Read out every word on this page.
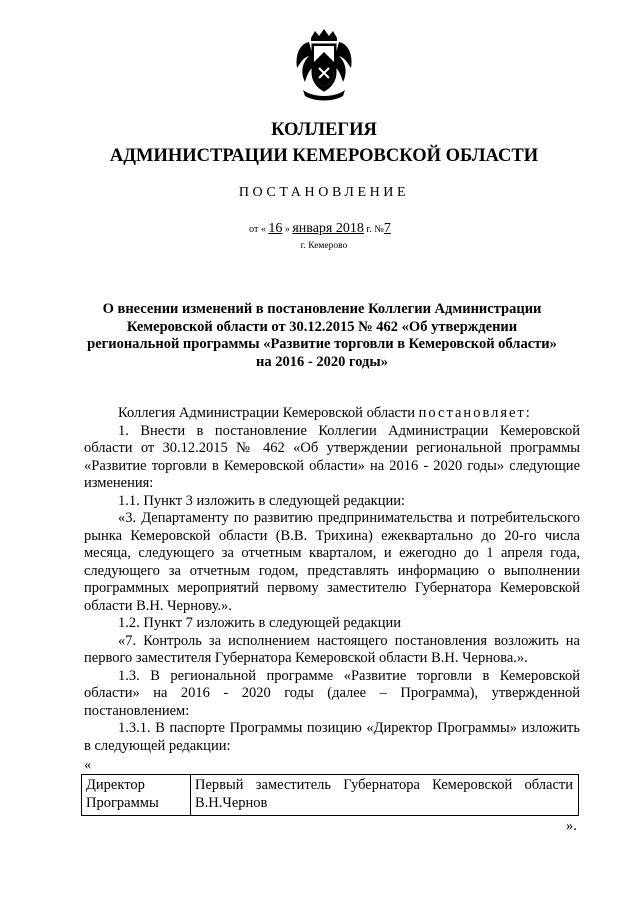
КОЛЛЕГИЯ
АДМИНИСТРАЦИИ КЕМЕРОВСКОЙ ОБЛАСТИ
ПОСТАНОВЛЕНИЕ
от « 16 » января 2018 г. №7
г. Кемерово
О внесении изменений в постановление Коллегии Администрации Кемеровской области от 30.12.2015 № 462 «Об утверждении региональной программы «Развитие торговли в Кемеровской области» на 2016 - 2020 годы»

Коллегия Администрации Кемеровской области постановляет:

1. Внести в постановление Коллегии Администрации Кемеровской области от 30.12.2015 № 462 «Об утверждении региональной программы «Развитие торговли в Кемеровской области» на 2016 - 2020 годы» следующие изменения:

1.1. Пункт 3 изложить в следующей редакции:

«3. Департаменту по развитию предпринимательства и потребительского рынка Кемеровской области (В.В. Трихина) ежеквартально до 20-го числа месяца, следующего за отчетным кварталом, и ежегодно до 1 апреля года, следующего за отчетным годом, представлять информацию о выполнении программных мероприятий первому заместителю Губернатора Кемеровской области В.Н. Чернову.».

1.2. Пункт 7 изложить в следующей редакции

«7. Контроль за исполнением настоящего постановления возложить на первого заместителя Губернатора Кемеровской области В.Н. Чернова.».

1.3. В региональной программе «Развитие торговли в Кемеровской области» на 2016 - 2020 годы (далее – Программа), утвержденной постановлением:

1.3.1. В паспорте Программы позицию «Директор Программы» изложить в следующей редакции:

«
Директор Программы	Первый заместитель Губернатора Кемеровской области В.Н.Чернов
».
